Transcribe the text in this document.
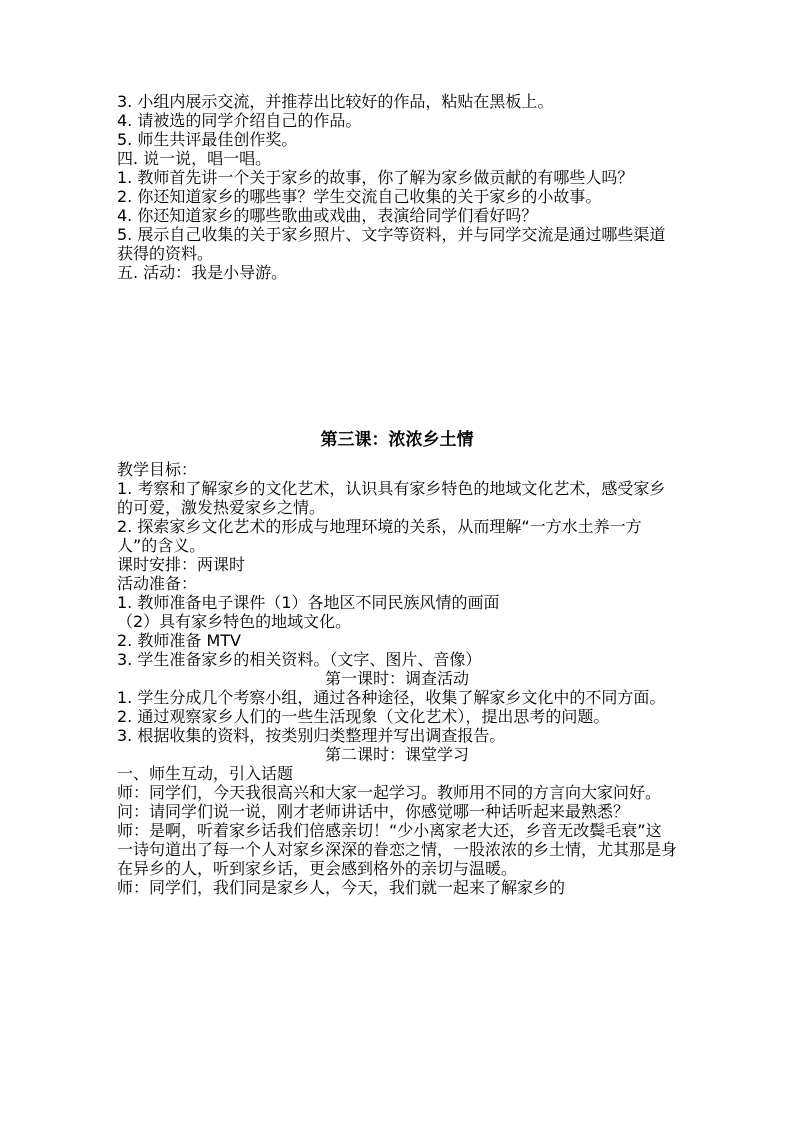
3. 小组内展示交流，并推荐出比较好的作品，粘贴在黑板上。

4. 请被选的同学介绍自己的作品。

5. 师生共评最佳创作奖。

四. 说一说，唱一唱。

1. 教师首先讲一个关于家乡的故事，你了解为家乡做贡献的有哪些人吗？

2. 你还知道家乡的哪些事？学生交流自己收集的关于家乡的小故事。

4. 你还知道家乡的哪些歌曲或戏曲，表演给同学们看好吗？

5. 展示自己收集的关于家乡照片、文字等资料，并与同学交流是通过哪些渠道获得的资料。

五. 活动：我是小导游。

第三课：浓浓乡土情

教学目标：

1. 考察和了解家乡的文化艺术，认识具有家乡特色的地域文化艺术，感受家乡的可爱，激发热爱家乡之情。

2. 探索家乡文化艺术的形成与地理环境的关系，从而理解“一方水土养一方人”的含义。

课时安排：两课时

活动准备：

1. 教师准备电子课件（1）各地区不同民族风情的画面

（2）具有家乡特色的地域文化。

2. 教师准备 MTV

3. 学生准备家乡的相关资料。（文字、图片、音像）

第一课时：调查活动

1. 学生分成几个考察小组，通过各种途径，收集了解家乡文化中的不同方面。

2. 通过观察家乡人们的一些生活现象（文化艺术），提出思考的问题。

3. 根据收集的资料，按类别归类整理并写出调查报告。

第二课时：课堂学习

一、师生互动，引入话题

师：同学们，今天我很高兴和大家一起学习。教师用不同的方言向大家问好。

问：请同学们说一说，刚才老师讲话中，你感觉哪一种话听起来最熟悉？

师：是啊，听着家乡话我们倍感亲切！“少小离家老大还，乡音无改鬓毛衰”这一诗句道出了每一个人对家乡深深的眷恋之情，一股浓浓的乡土情，尤其那是身在异乡的人，听到家乡话，更会感到格外的亲切与温暖。

师：同学们，我们同是家乡人，今天，我们就一起来了解家乡的
